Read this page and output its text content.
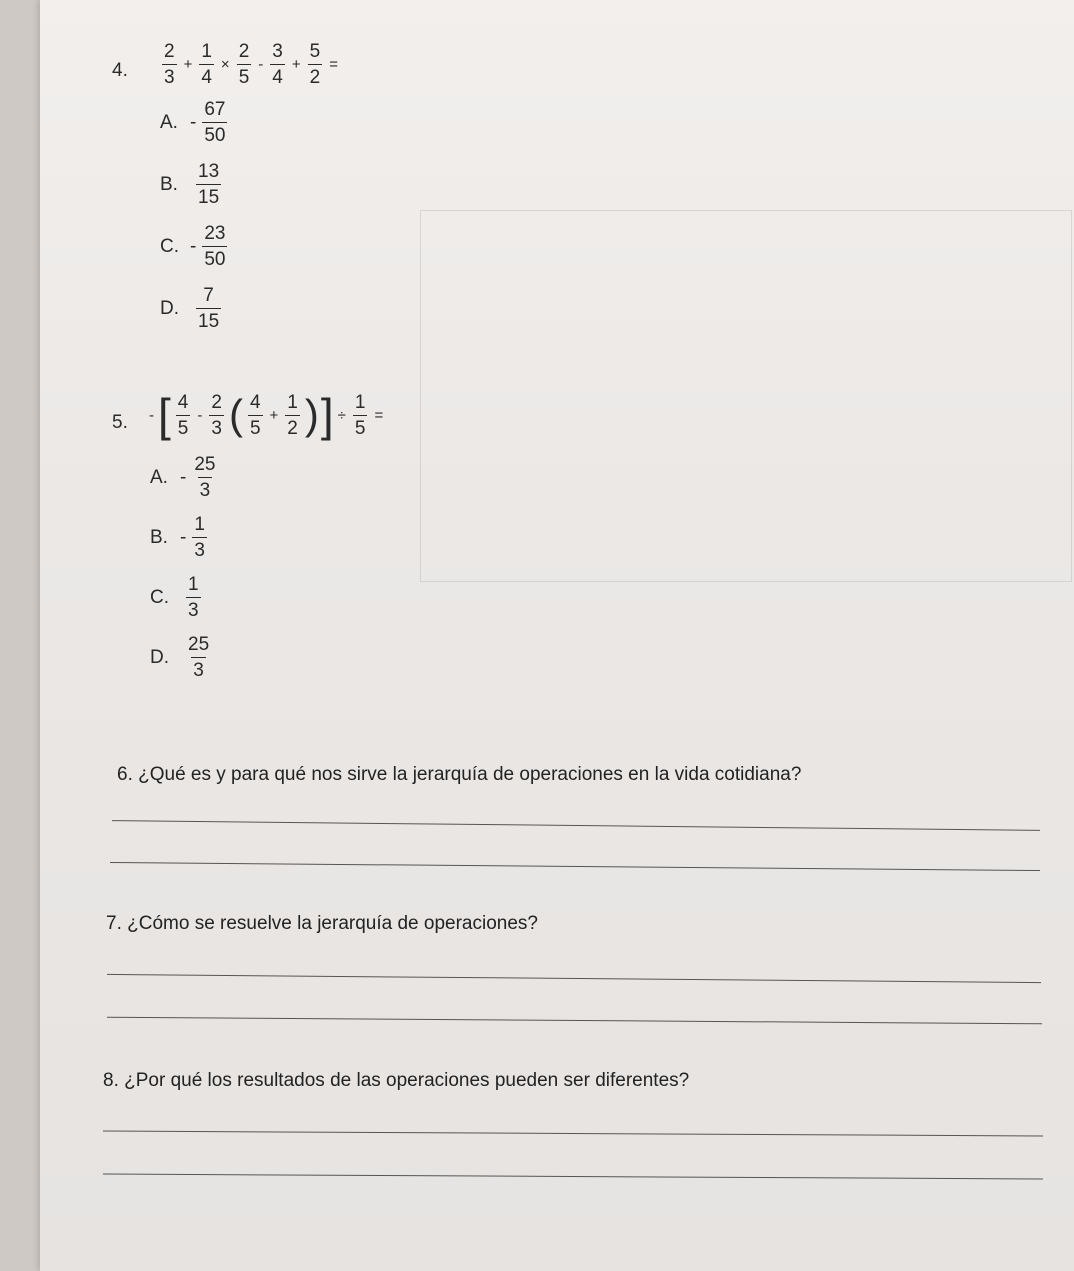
4. $\frac{2}{3} + \frac{1}{4} \times \frac{2}{5} - \frac{3}{4} + \frac{5}{2}$ =
A. - $\frac{67}{50}$
B. $\frac{13}{15}$
C. - $\frac{23}{50}$
D. $\frac{7}{15}$
5. - [ $\frac{4}{5} - \frac{2}{3}$ ( $\frac{4}{5} + \frac{1}{2}$ ) ] ÷ $\frac{1}{5}$ =
A. - $\frac{25}{3}$
B. - $\frac{1}{3}$
C. $\frac{1}{3}$
D. $\frac{25}{3}$
6. ¿Qué es y para qué nos sirve la jerarquía de operaciones en la vida cotidiana?
7. ¿Cómo se resuelve la jerarquía de operaciones?
8. ¿Por qué los resultados de las operaciones pueden ser diferentes?
